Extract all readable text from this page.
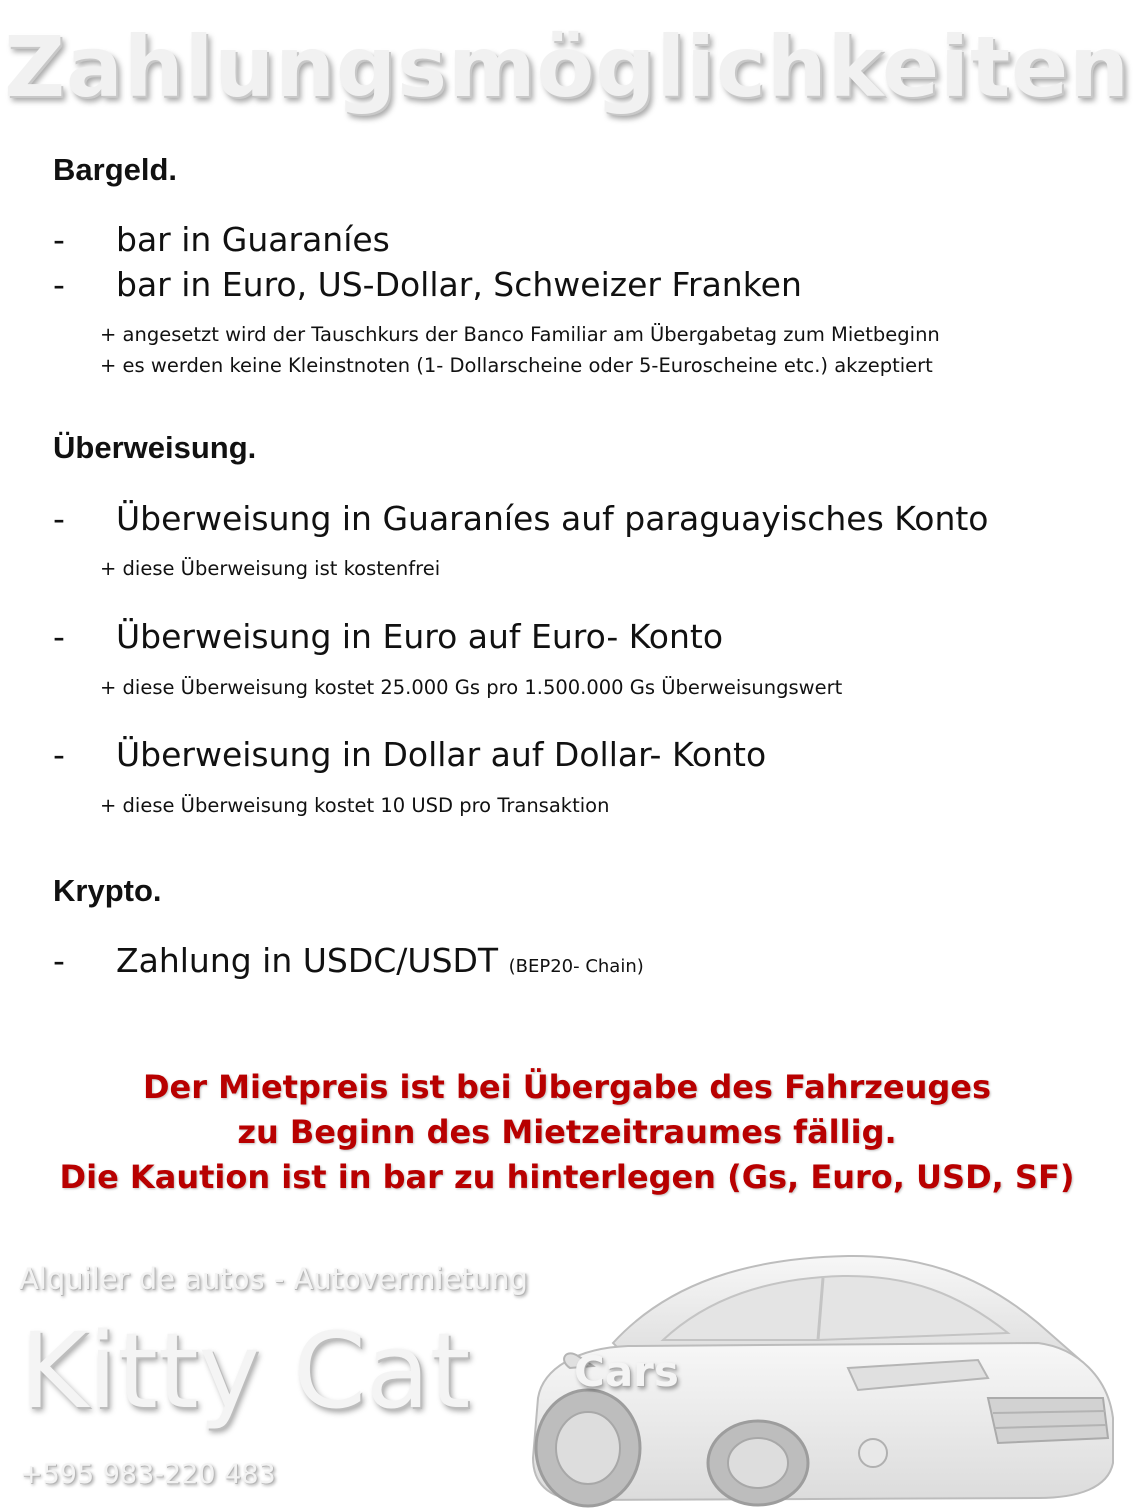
Zahlungsmöglichkeiten
Bargeld.
- bar in Guaraníes
- bar in Euro, US-Dollar, Schweizer Franken
+ angesetzt wird der Tauschkurs der Banco Familiar am Übergabetag zum Mietbeginn
+ es werden keine Kleinstnoten (1- Dollarscheine oder 5-Euroscheine etc.) akzeptiert
Überweisung.
- Überweisung in Guaraníes auf paraguayisches Konto
+ diese Überweisung ist kostenfrei
- Überweisung in Euro auf Euro- Konto
+ diese Überweisung kostet 25.000 Gs pro 1.500.000 Gs Überweisungswert
- Überweisung in Dollar auf Dollar- Konto
+ diese Überweisung kostet 10 USD pro Transaktion
Krypto.
- Zahlung in USDC/USDT (BEP20- Chain)
Der Mietpreis ist bei Übergabe des Fahrzeuges
zu Beginn des Mietzeitraumes fällig.
Die Kaution ist in bar zu hinterlegen (Gs, Euro, USD, SF)
Alquiler de autos - Autovermietung
Kitty Cat Cars
+595 983-220 483
